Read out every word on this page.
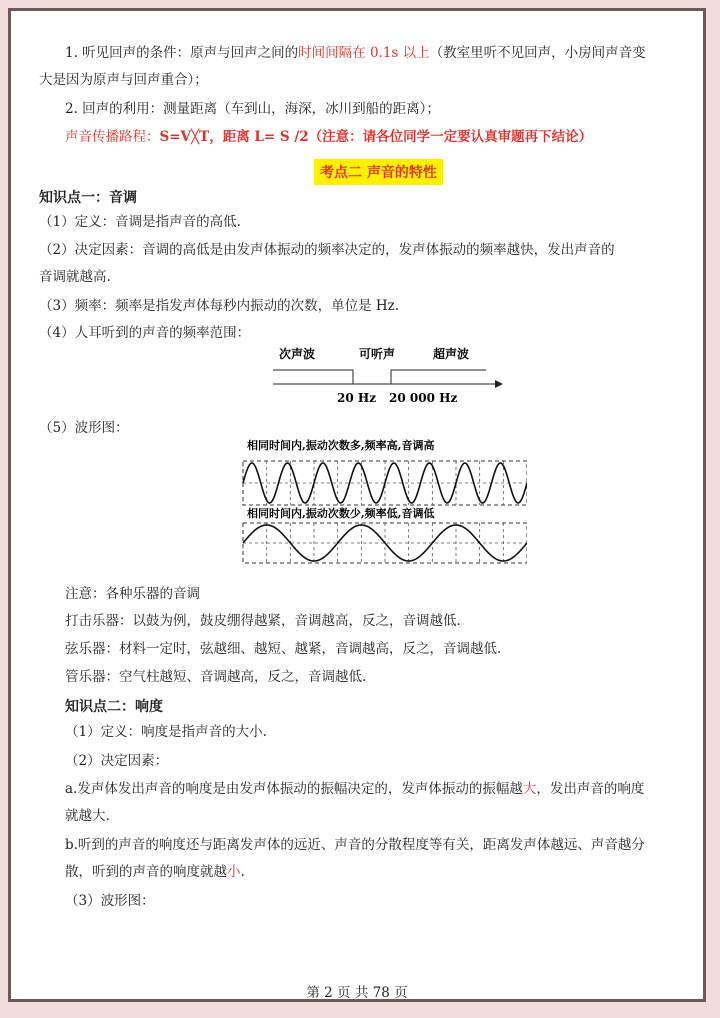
1. 听见回声的条件：原声与回声之间的时间间隔在 0.1s 以上（教室里听不见回声，小房间声音变
大是因为原声与回声重合）；
2. 回声的利用：测量距离（车到山，海深，冰川到船的距离）；
声音传播路程：S=V╳T，距离 L= S /2（注意：请各位同学一定要认真审题再下结论）
考点二 声音的特性
知识点一：音调
（1）定义：音调是指声音的高低.
（2）决定因素：音调的高低是由发声体振动的频率决定的，发声体振动的频率越快，发出声音的
音调就越高.
（3）频率：频率是指发声体每秒内振动的次数，单位是 Hz.
（4）人耳听到的声音的频率范围：
次声波	可听声	超声波
20 Hz 20 000 Hz
（5）波形图：
相同时间内,振动次数多,频率高,音调高
相同时间内,振动次数少,频率低,音调低
注意：各种乐器的音调
打击乐器：以鼓为例，鼓皮绷得越紧，音调越高，反之，音调越低.
弦乐器：材料一定时，弦越细、越短、越紧，音调越高，反之，音调越低.
管乐器：空气柱越短、音调越高，反之，音调越低.
知识点二：响度
（1）定义：响度是指声音的大小.
（2）决定因素：
a.发声体发出声音的响度是由发声体振动的振幅决定的，发声体振动的振幅越大，发出声音的响度
就越大.
b.听到的声音的响度还与距离发声体的远近、声音的分散程度等有关，距离发声体越远、声音越分
散，听到的声音的响度就越小.
（3）波形图：
第 2 页 共 78 页
